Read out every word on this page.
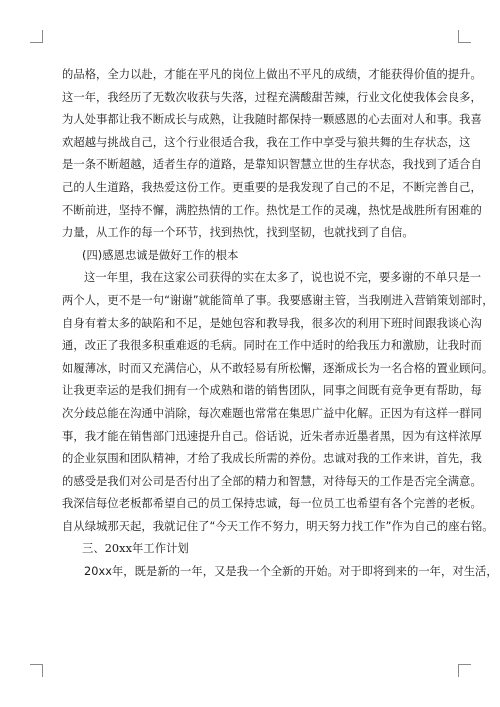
的品格，全力以赴，才能在平凡的岗位上做出不平凡的成绩，才能获得价值的提升。
这一年，我经历了无数次收获与失落，过程充满酸甜苦辣，行业文化使我体会良多，
为人处事都让我不断成长与成熟，让我随时都保持一颗感恩的心去面对人和事。我喜
欢超越与挑战自己，这个行业很适合我，我在工作中享受与狼共舞的生存状态，这
是一条不断超越，适者生存的道路，是靠知识智慧立世的生存状态，我找到了适合自
己的人生道路，我热爱这份工作。更重要的是我发现了自己的不足，不断完善自己，
不断前进，坚持不懈，满腔热情的工作。热忱是工作的灵魂，热忱是战胜所有困难的
力量，从工作的每一个环节，找到热忱，找到坚韧，也就找到了自信。
(四)感恩忠诚是做好工作的根本
这一年里，我在这家公司获得的实在太多了，说也说不完，要多谢的不单只是一
两个人，更不是一句“谢谢”就能简单了事。我要感谢主管，当我刚进入营销策划部时，
自身有着太多的缺陷和不足，是她包容和教导我，很多次的利用下班时间跟我谈心沟
通，改正了我很多积重难返的毛病。同时在工作中适时的给我压力和激励，让我时而
如履薄冰，时而又充满信心，从不敢轻易有所松懈，逐渐成长为一名合格的置业顾问。
让我更幸运的是我们拥有一个成熟和谐的销售团队，同事之间既有竞争更有帮助，每
次分歧总能在沟通中消除，每次难题也常常在集思广益中化解。正因为有这样一群同
事，我才能在销售部门迅速提升自己。俗话说，近朱者赤近墨者黑，因为有这样浓厚
的企业氛围和团队精神，才给了我成长所需的养份。忠诚对我的工作来讲，首先，我
的感受是我们对公司是否付出了全部的精力和智慧，对待每天的工作是否完全满意。
我深信每位老板都希望自己的员工保持忠诚，每一位员工也希望有各个完善的老板。
自从绿城那天起，我就记住了“今天工作不努力，明天努力找工作”作为自己的座右铭。
三、20xx年工作计划
20xx年，既是新的一年，又是我一个全新的开始。对于即将到来的一年，对生活，
